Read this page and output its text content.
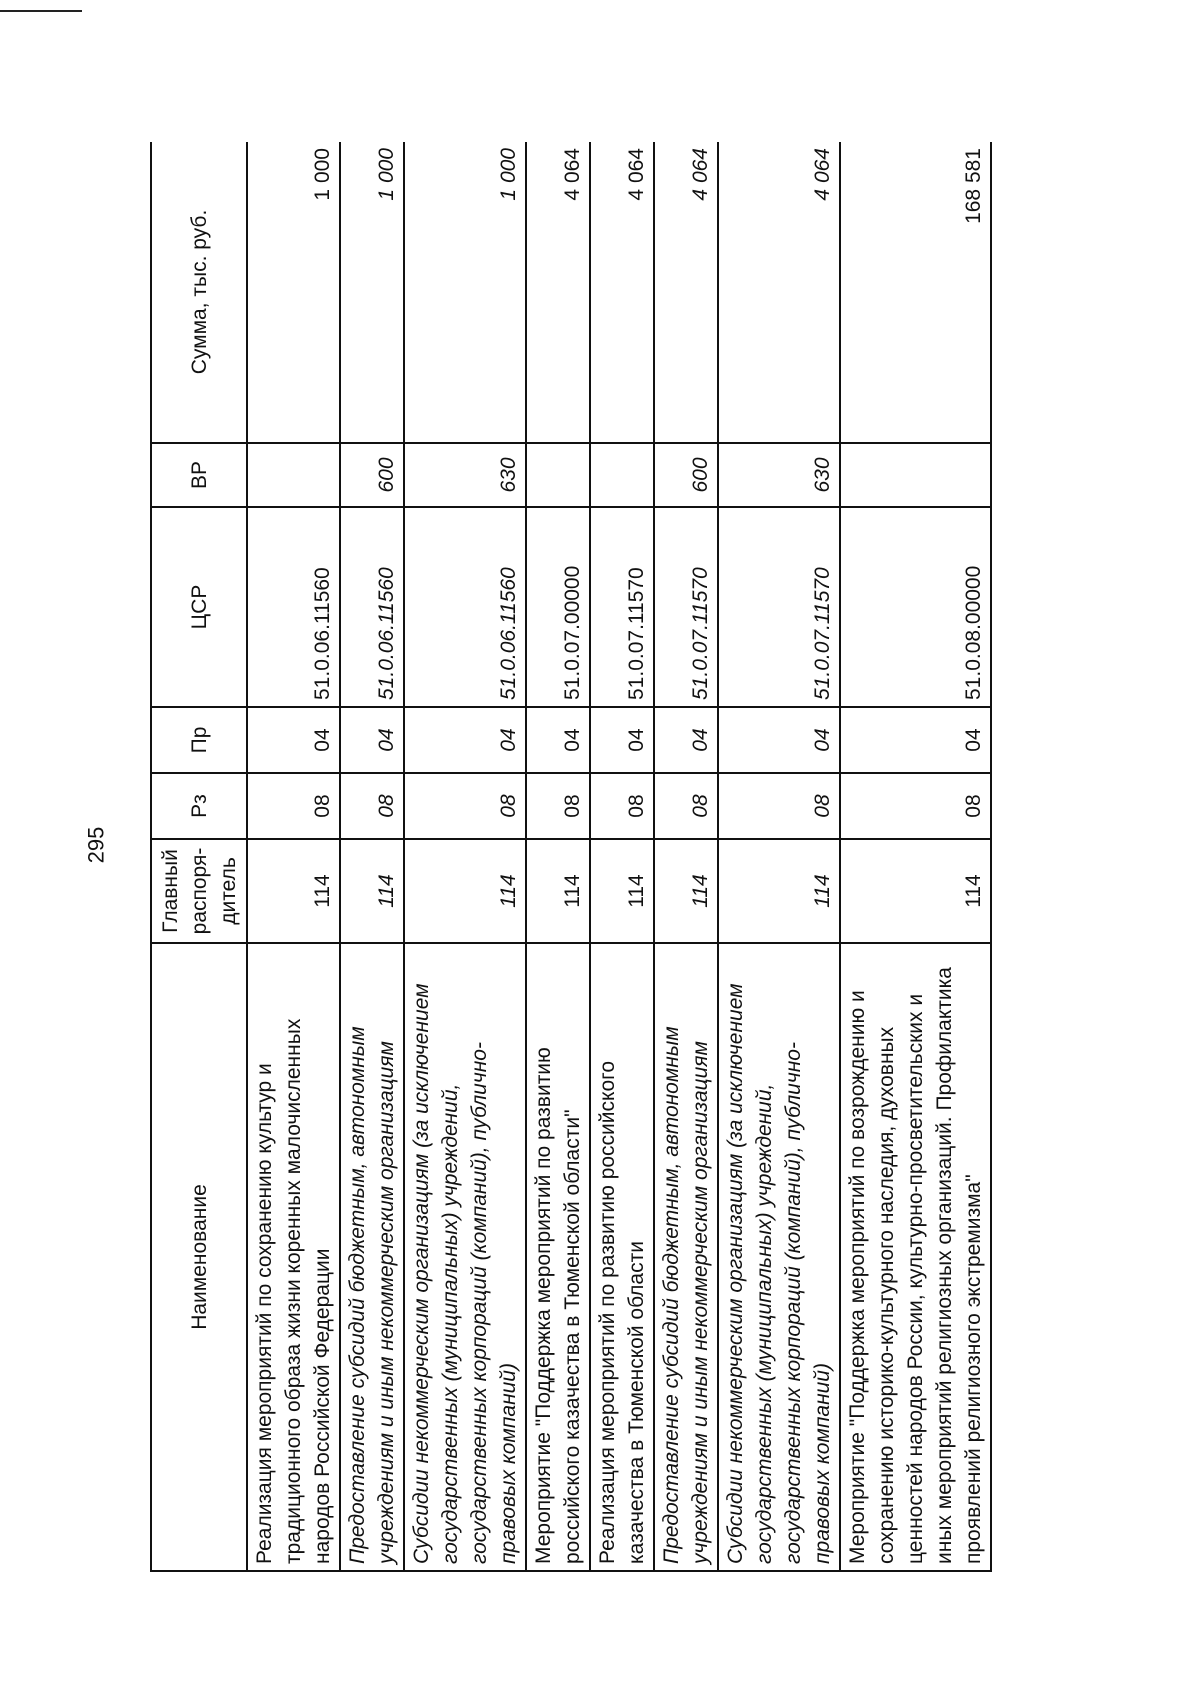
295
Наименование	Главный распоря-дитель	Рз	Пр	ЦСР	ВР	Сумма, тыс. руб.
Реализация мероприятий по сохранению культур и традиционного образа жизни коренных малочисленных народов Российской Федерации	114	08	04	51.0.06.11560		1 000
Предоставление субсидий бюджетным, автономным учреждениям и иным некоммерческим организациям	114	08	04	51.0.06.11560	600	1 000
Субсидии некоммерческим организациям (за исключением государственных (муниципальных) учреждений, государственных корпораций (компаний), публично-правовых компаний)	114	08	04	51.0.06.11560	630	1 000
Мероприятие "Поддержка мероприятий по развитию российского казачества в Тюменской области"	114	08	04	51.0.07.00000		4 064
Реализация мероприятий по развитию российского казачества в Тюменской области	114	08	04	51.0.07.11570		4 064
Предоставление субсидий бюджетным, автономным учреждениям и иным некоммерческим организациям	114	08	04	51.0.07.11570	600	4 064
Субсидии некоммерческим организациям (за исключением государственных (муниципальных) учреждений, государственных корпораций (компаний), публично-правовых компаний)	114	08	04	51.0.07.11570	630	4 064
Мероприятие "Поддержка мероприятий по возрождению и сохранению историко-культурного наследия, духовных ценностей народов России, культурно-просветительских и иных мероприятий религиозных организаций. Профилактика проявлений религиозного экстремизма"	114	08	04	51.0.08.00000		168 581
